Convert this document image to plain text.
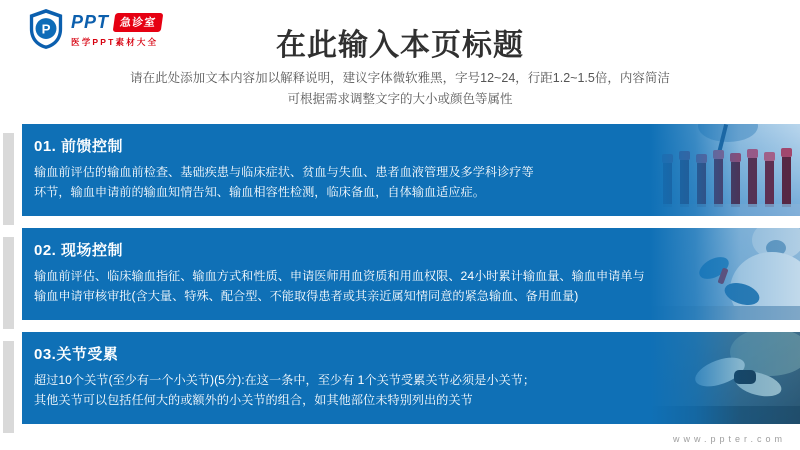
P PPT 急诊室
医学PPT素材大全	在此输入本页标题

请在此处添加文本内容加以解释说明，建议字体微软雅黑，字号12~24，行距1.2~1.5倍，内容简洁

可根据需求调整文字的大小或颜色等属性

01. 前馈控制
输血前评估的输血前检查、基础疾患与临床症状、贫血与失血、患者血液管理及多学科诊疗等
环节，输血申请前的输血知情告知、输血相容性检测，临床备血，自体输血适应症。
02. 现场控制
输血前评估、临床输血指征、输血方式和性质、申请医师用血资质和用血权限、24小时累计输血量、输血申请单与
输血申请审核审批(含大量、特殊、配合型、不能取得患者或其亲近属知情同意的紧急输血、备用血量)
03.关节受累
超过10个关节(至少有一个小关节)(5分):在这一条中，至少有 1个关节受累关节必须是小关节；
其他关节可以包括任何大的或额外的小关节的组合，如其他部位未特别列出的关节
www.ppter.com
